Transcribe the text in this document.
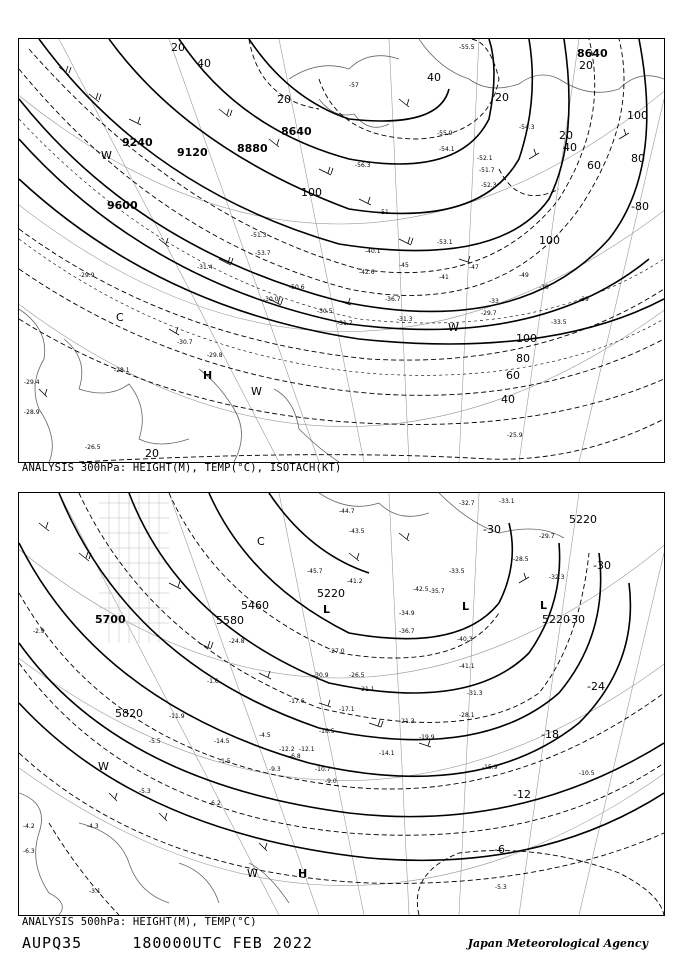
9600
9240
9120	8880
8640
8640
20
40
20
40
20
100
100
100
80
60
40
20
20
40
20
100
80
60
-80
W
C
H
W
W
-55.9
-54.1
-52.1
-51.7
-52.3
-56.3
-53.1
-51
-45
-42.6
-36.7
-31.7
-30.5
-31.3
-29.7
-33.5
-29.9
-28.1
-29.4
-30.7
-29.8
-28.9
-26.5
-25.9
-57
-51.3
-47
-49
-55.5
-54.3
-53.7
-50.6
-30.0
-40.1
-39
-41
-39
-33
-31.4
ANALYSIS 300hPa: HEIGHT(M), TEMP(°C), ISOTACH(KT)
5700	5580
5460
5220
5220
5220
5820
-30
-30
-24
-18
-12
-6
-30
C
L	L	L
W
W	H
-32.7	-33.1
-29.7
-28.5
-32.3
-35.7
-40.3
-41.1
-31.3
-28.1
-21.3
-19.9
-16.5
-15.9
-14.1
-10.5
-10.7
-12.1
-14.5
-11.9
-9.3
-6.8
-4.3
-5.3
-5.5
-1.5
-1.6
-3.1
-5.3
-6.2
-17.1
-27.0
-33.5
-34.9
-36.7
-44.7
-43.5
-41.2
-45.7
-42.5
-24.8
-30.9	-26.5
-21.1
-17.6
-12.2
-4.5
-4.2
-2.9
-6.3
-9.0
ANALYSIS 500hPa: HEIGHT(M), TEMP(°C)
AUPQ35	180000UTC FEB 2022	Japan Meteorological Agency
